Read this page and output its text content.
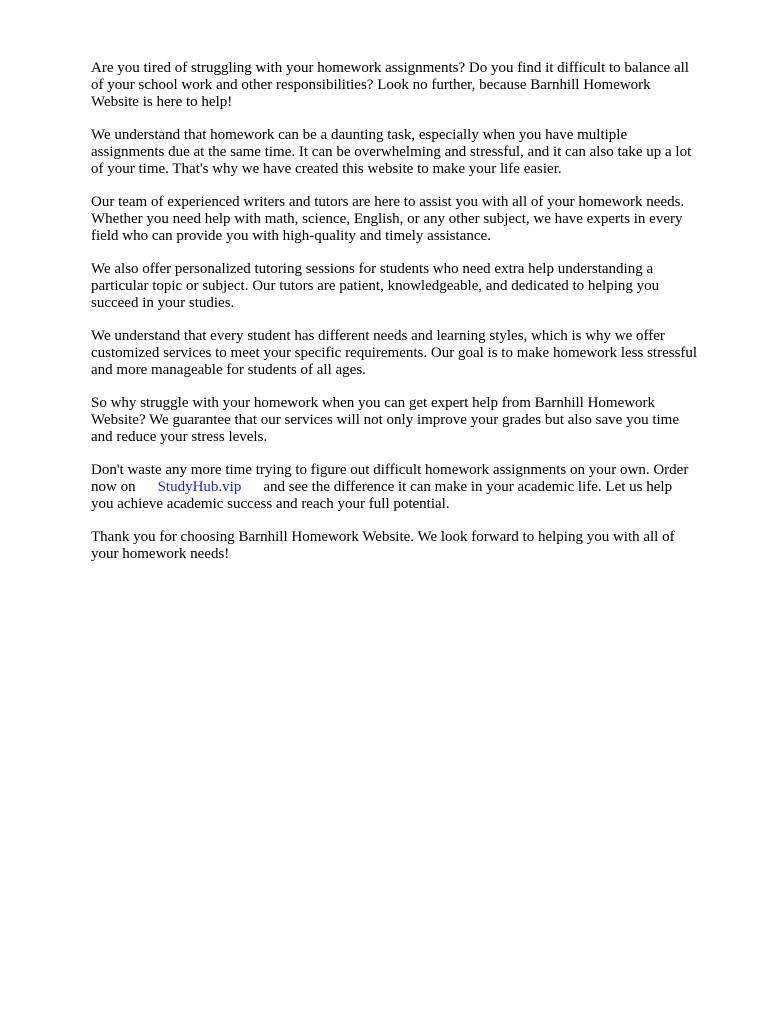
Are you tired of struggling with your homework assignments? Do you find it difficult to balance all
of your school work and other responsibilities? Look no further, because Barnhill Homework
Website is here to help!

We understand that homework can be a daunting task, especially when you have multiple
assignments due at the same time. It can be overwhelming and stressful, and it can also take up a lot
of your time. That's why we have created this website to make your life easier.

Our team of experienced writers and tutors are here to assist you with all of your homework needs.
Whether you need help with math, science, English, or any other subject, we have experts in every
field who can provide you with high-quality and timely assistance.

We also offer personalized tutoring sessions for students who need extra help understanding a
particular topic or subject. Our tutors are patient, knowledgeable, and dedicated to helping you
succeed in your studies.

We understand that every student has different needs and learning styles, which is why we offer
customized services to meet your specific requirements. Our goal is to make homework less stressful
and more manageable for students of all ages.

So why struggle with your homework when you can get expert help from Barnhill Homework
Website? We guarantee that our services will not only improve your grades but also save you time
and reduce your stress levels.

Don't waste any more time trying to figure out difficult homework assignments on your own. Order
now on StudyHub.vip and see the difference it can make in your academic life. Let us help
you achieve academic success and reach your full potential.

Thank you for choosing Barnhill Homework Website. We look forward to helping you with all of
your homework needs!
